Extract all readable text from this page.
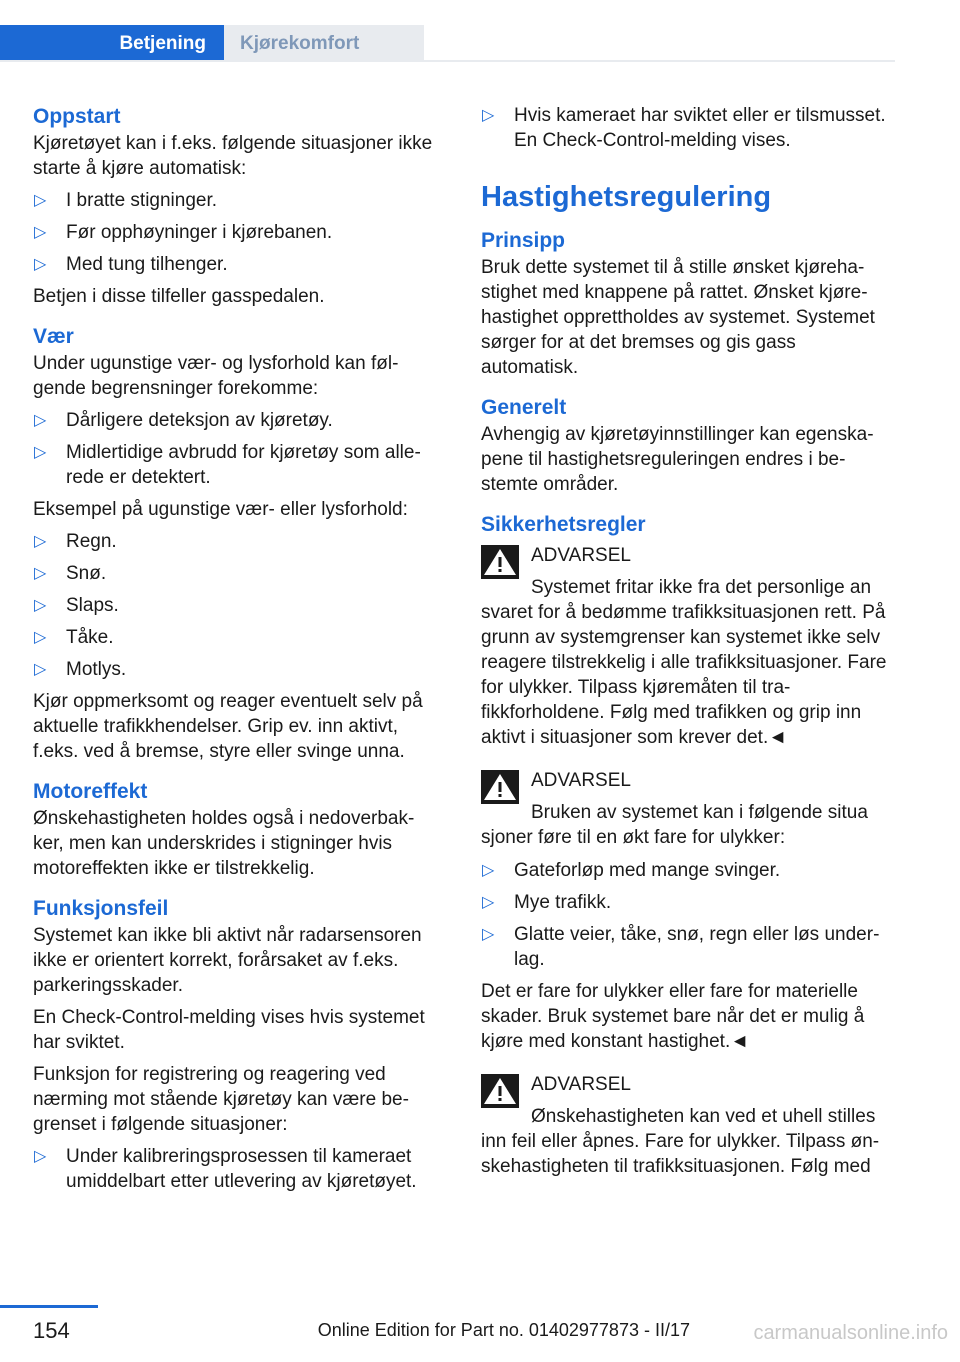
Betjening	Kjørekomfort
Oppstart

Kjøretøyet kan i f.eks. følgende situasjoner ikke starte å kjøre automatisk:

▷ I bratte stigninger.
▷ Før opphøyninger i kjørebanen.
▷ Med tung tilhenger.

Betjen i disse tilfeller gasspedalen.

Vær

Under ugunstige vær- og lysforhold kan følgende begrensninger forekomme:

▷ Dårligere deteksjon av kjøretøy.
▷ Midlertidige avbrudd for kjøretøy som allerede er detektert.

Eksempel på ugunstige vær- eller lysforhold:

▷ Regn.
▷ Snø.
▷ Slaps.
▷ Tåke.
▷ Motlys.

Kjør oppmerksomt og reager eventuelt selv på aktuelle trafikkhendelser. Grip ev. inn aktivt, f.eks. ved å bremse, styre eller svinge unna.

Motoreffekt

Ønskehastigheten holdes også i nedoverbakker, men kan underskrides i stigninger hvis motoreffekten ikke er tilstrekkelig.

Funksjonsfeil

Systemet kan ikke bli aktivt når radarsensoren ikke er orientert korrekt, forårsaket av f.eks. parkeringsskader.

En Check-Control-melding vises hvis systemet har sviktet.

Funksjon for registrering og reagering ved nærming mot stående kjøretøy kan være begrenset i følgende situasjoner:

▷ Under kalibreringsprosessen til kameraet umiddelbart etter utlevering av kjøretøyet.
▷ Hvis kameraet har sviktet eller er tilsmusset. En Check-Control-melding vises.
Hastighetsregulering
Prinsipp

Bruk dette systemet til å stille ønsket kjørehastighet med knappene på rattet. Ønsket kjørehastighet opprettholdes av systemet. Systemet sørger for at det bremses og gis gass automatisk.

Generelt

Avhengig av kjøretøyinnstillinger kan egenskapene til hastighetsreguleringen endres i bestemte områder.

Sikkerhetsregler
ADVARSEL
Systemet fritar ikke fra det personlige an
svaret for å bedømme trafikksituasjonen rett. På grunn av systemgrenser kan systemet ikke selv reagere tilstrekkelig i alle trafikksituasjoner. Fare for ulykker. Tilpass kjøremåten til trafikkforholdene. Følg med trafikken og grip inn aktivt i situasjoner som krever det.◄
ADVARSEL
Bruken av systemet kan i følgende situa
sjoner føre til en økt fare for ulykker:
▷ Gateforløp med mange svinger.
▷ Mye trafikk.
▷ Glatte veier, tåke, snø, regn eller løs underlag.

Det er fare for ulykker eller fare for materielle skader. Bruk systemet bare når det er mulig å kjøre med konstant hastighet.◄

ADVARSEL
Ønskehastigheten kan ved et uhell stilles
inn feil eller åpnes. Fare for ulykker. Tilpass ønskehastigheten til trafikksituasjonen. Følg med
154	Online Edition for Part no. 01402977873 - II/17	carmanualsonline.info
